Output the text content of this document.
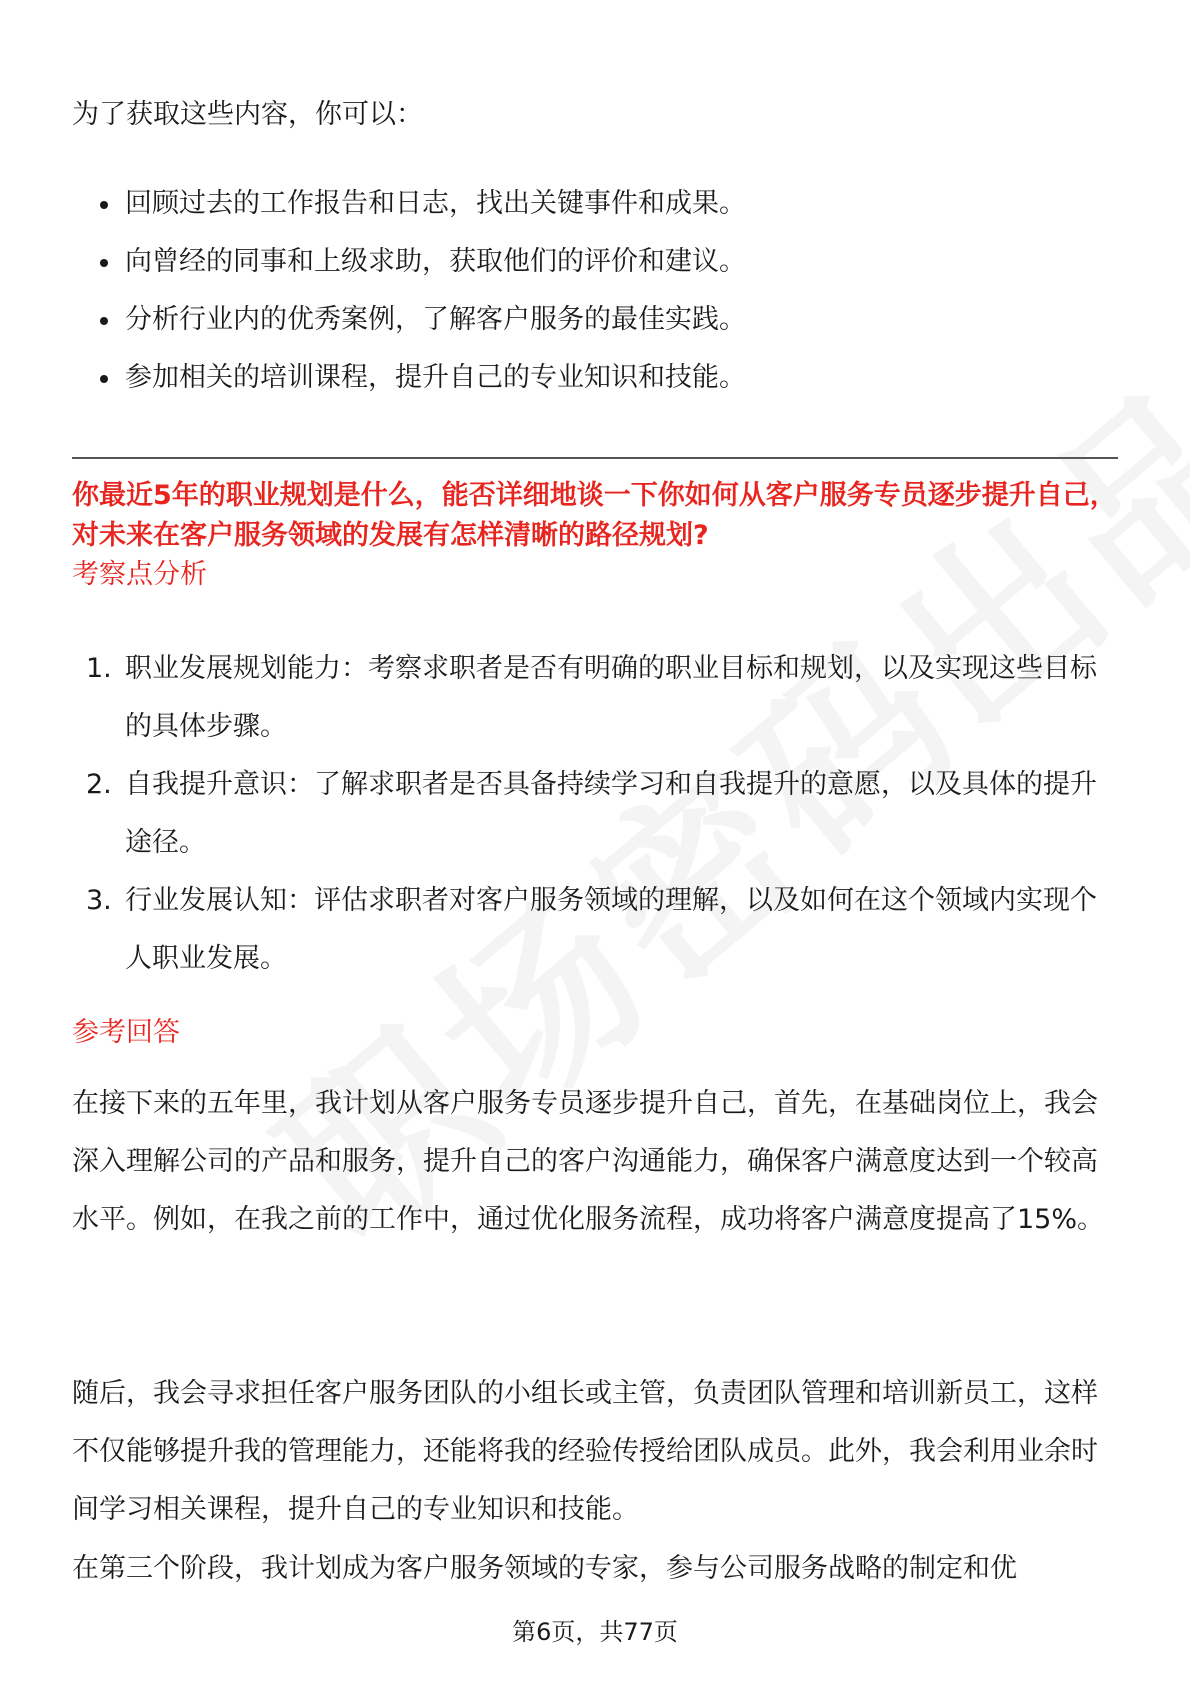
为了获取这些内容，你可以：
回顾过去的工作报告和日志，找出关键事件和成果。
向曾经的同事和上级求助，获取他们的评价和建议。
分析行业内的优秀案例，了解客户服务的最佳实践。
参加相关的培训课程，提升自己的专业知识和技能。
你最近5年的职业规划是什么，能否详细地谈一下你如何从客户服务专员逐步提升自己，对未来在客户服务领域的发展有怎样清晰的路径规划?
考察点分析
1. 职业发展规划能力：考察求职者是否有明确的职业目标和规划，以及实现这些目标的具体步骤。
2. 自我提升意识：了解求职者是否具备持续学习和自我提升的意愿，以及具体的提升途径。
3. 行业发展认知：评估求职者对客户服务领域的理解，以及如何在这个领域内实现个人职业发展。
参考回答
在接下来的五年里，我计划从客户服务专员逐步提升自己，首先，在基础岗位上，我会深入理解公司的产品和服务，提升自己的客户沟通能力，确保客户满意度达到一个较高水平。例如，在我之前的工作中，通过优化服务流程，成功将客户满意度提高了15%。
随后，我会寻求担任客户服务团队的小组长或主管，负责团队管理和培训新员工，这样不仅能够提升我的管理能力，还能将我的经验传授给团队成员。此外，我会利用业余时间学习相关课程，提升自己的专业知识和技能。
在第三个阶段，我计划成为客户服务领域的专家，参与公司服务战略的制定和优
第6页，共77页
